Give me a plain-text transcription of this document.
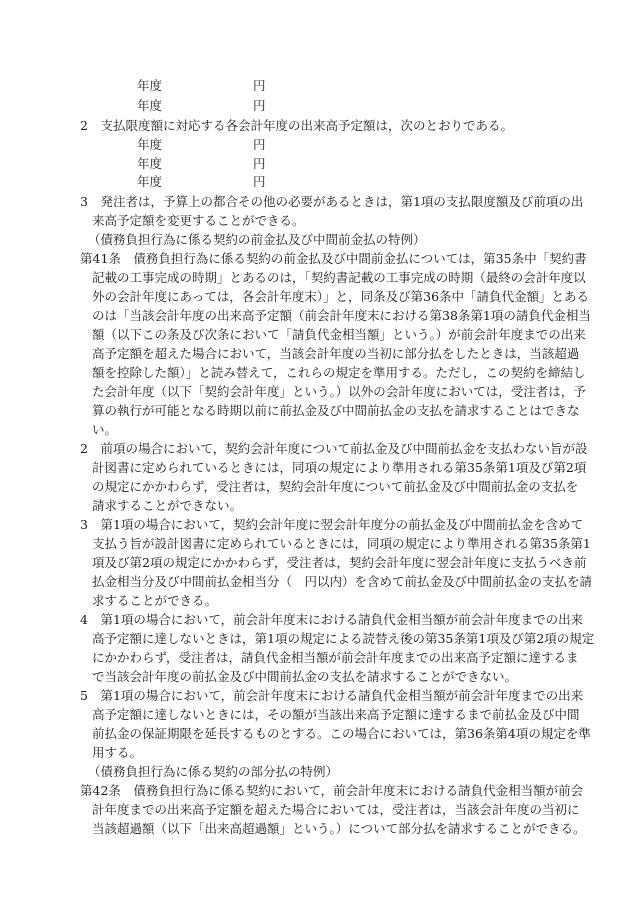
年度	円
年度	円
2　支払限度額に対応する各会計年度の出来高予定額は，次のとおりである。
年度	円
年度	円
年度	円
3　発注者は，予算上の都合その他の必要があるときは，第1項の支払限度額及び前項の出
来高予定額を変更することができる。
（債務負担行為に係る契約の前金払及び中間前金払の特例）
第41条　債務負担行為に係る契約の前金払及び中間前金払については，第35条中「契約書
記載の工事完成の時期」とあるのは，「契約書記載の工事完成の時期（最終の会計年度以
外の会計年度にあっては，各会計年度末）」と，同条及び第36条中「請負代金額」とある
のは「当該会計年度の出来高予定額（前会計年度末における第38条第1項の請負代金相当
額（以下この条及び次条において「請負代金相当額」という。）が前会計年度までの出来
高予定額を超えた場合において，当該会計年度の当初に部分払をしたときは，当該超過
額を控除した額）」と読み替えて，これらの規定を準用する。ただし，この契約を締結し
た会計年度（以下「契約会計年度」という。）以外の会計年度においては，受注者は，予
算の執行が可能となる時期以前に前払金及び中間前払金の支払を請求することはできな
い。
2　前項の場合において，契約会計年度について前払金及び中間前払金を支払わない旨が設
計図書に定められているときには，同項の規定により準用される第35条第1項及び第2項
の規定にかかわらず，受注者は，契約会計年度について前払金及び中間前払金の支払を
請求することができない。
3　第1項の場合において，契約会計年度に翌会計年度分の前払金及び中間前払金を含めて
支払う旨が設計図書に定められているときには，同項の規定により準用される第35条第1
項及び第2項の規定にかかわらず，受注者は，契約会計年度に翌会計年度に支払うべき前
払金相当分及び中間前払金相当分（　円以内）を含めて前払金及び中間前払金の支払を請
求することができる。
4　第1項の場合において，前会計年度末における請負代金相当額が前会計年度までの出来
高予定額に達しないときは，第1項の規定による読替え後の第35条第1項及び第2項の規定
にかかわらず，受注者は，請負代金相当額が前会計年度までの出来高予定額に達するま
で当該会計年度の前払金及び中間前払金の支払を請求することができない。
5　第1項の場合において，前会計年度末における請負代金相当額が前会計年度までの出来
高予定額に達しないときには，その額が当該出来高予定額に達するまで前払金及び中間
前払金の保証期限を延長するものとする。この場合においては，第36条第4項の規定を準
用する。
（債務負担行為に係る契約の部分払の特例）
第42条　債務負担行為に係る契約において，前会計年度末における請負代金相当額が前会
計年度までの出来高予定額を超えた場合においては，受注者は，当該会計年度の当初に
当該超過額（以下「出来高超過額」という。）について部分払を請求することができる。
